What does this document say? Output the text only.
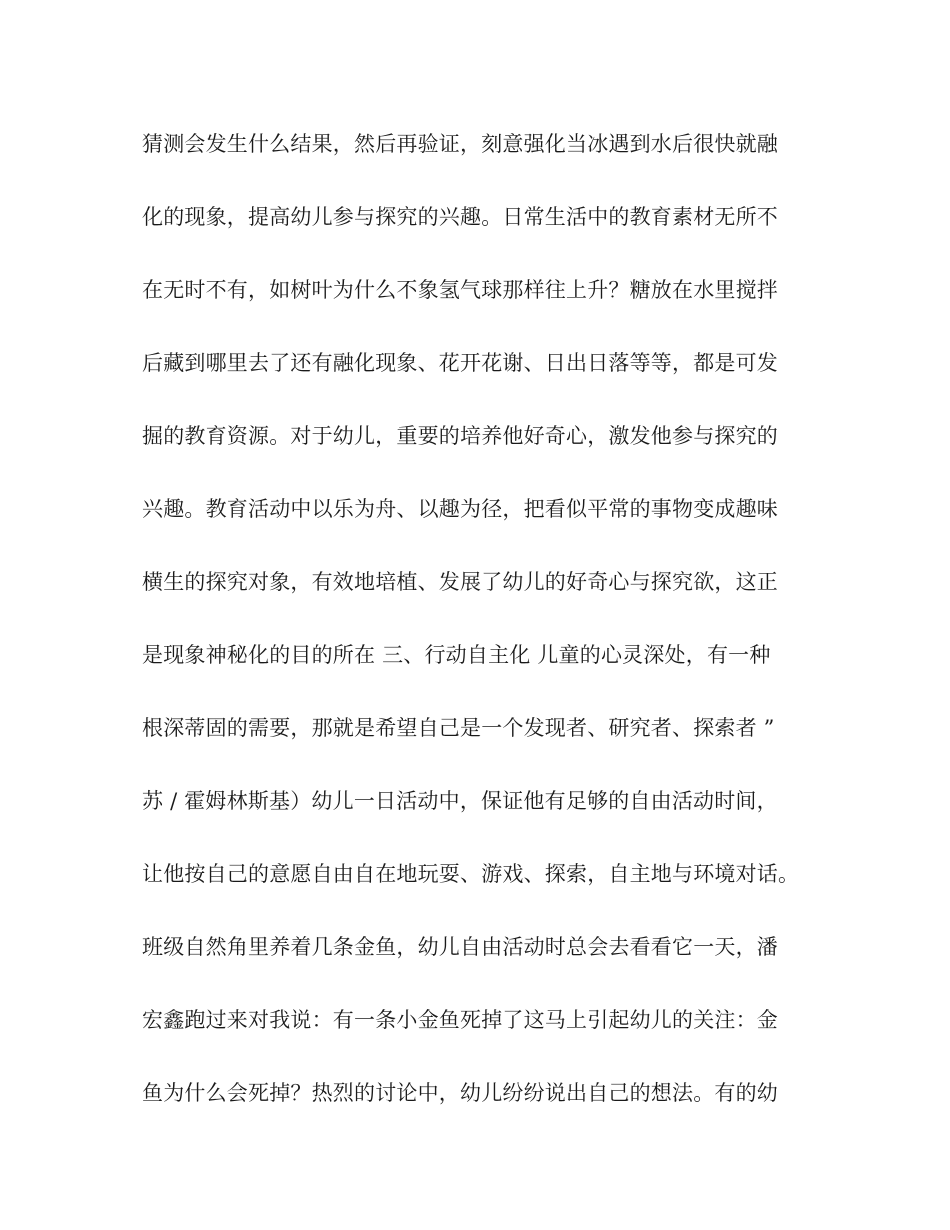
猜测会发生什么结果，然后再验证，刻意强化当冰遇到水后很快就融
化的现象，提高幼儿参与探究的兴趣。日常生活中的教育素材无所不
在无时不有，如树叶为什么不象氢气球那样往上升？糖放在水里搅拌
后藏到哪里去了还有融化现象、花开花谢、日出日落等等，都是可发
掘的教育资源。对于幼儿，重要的培养他好奇心，激发他参与探究的
兴趣。教育活动中以乐为舟、以趣为径，把看似平常的事物变成趣味
横生的探究对象，有效地培植、发展了幼儿的好奇心与探究欲，这正
是现象神秘化的目的所在 三、行动自主化 儿童的心灵深处，有一种
根深蒂固的需要，那就是希望自己是一个发现者、研究者、探索者 ”
苏 / 霍姆林斯基）幼儿一日活动中，保证他有足够的自由活动时间，
让他按自己的意愿自由自在地玩耍、游戏、探索，自主地与环境对话。
班级自然角里养着几条金鱼，幼儿自由活动时总会去看看它一天，潘
宏鑫跑过来对我说：有一条小金鱼死掉了这马上引起幼儿的关注：金
鱼为什么会死掉？热烈的讨论中，幼儿纷纷说出自己的想法。有的幼
